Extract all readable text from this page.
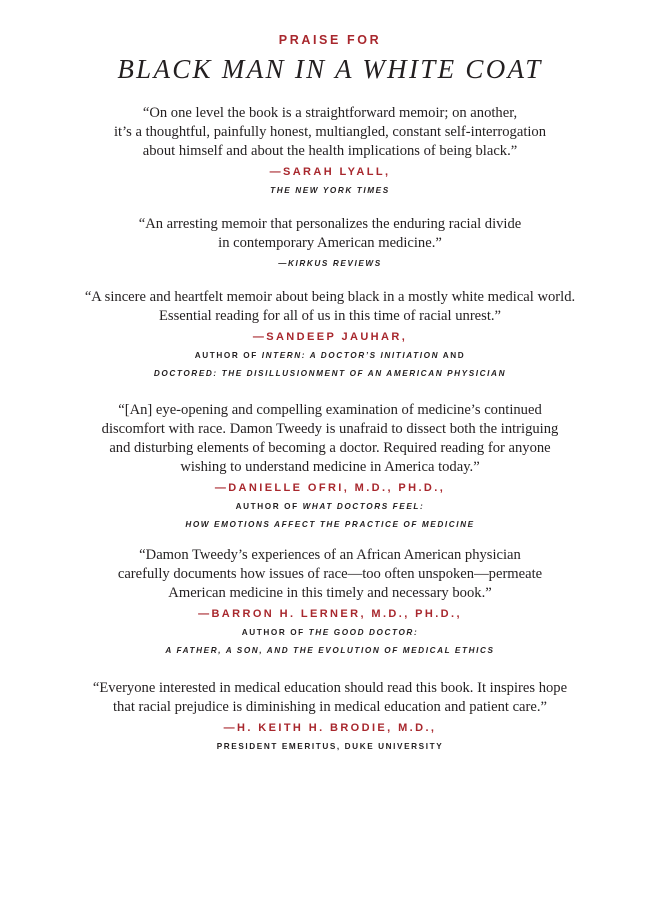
PRAISE FOR
BLACK MAN IN A WHITE COAT

“On one level the book is a straightforward memoir; on another,
it’s a thoughtful, painfully honest, multiangled, constant self-interrogation
about himself and about the health implications of being black.”

—SARAH LYALL,
THE NEW YORK TIMES

“An arresting memoir that personalizes the enduring racial divide
in contemporary American medicine.”

—KIRKUS REVIEWS

“A sincere and heartfelt memoir about being black in a mostly white medical world.
Essential reading for all of us in this time of racial unrest.”

—SANDEEP JAUHAR,
AUTHOR OF INTERN: A DOCTOR’S INITIATION AND
DOCTORED: THE DISILLUSIONMENT OF AN AMERICAN PHYSICIAN

“[An] eye-opening and compelling examination of medicine’s continued
discomfort with race. Damon Tweedy is unafraid to dissect both the intriguing
and disturbing elements of becoming a doctor. Required reading for anyone
wishing to understand medicine in America today.”

—DANIELLE OFRI, M.D., PH.D.,
AUTHOR OF WHAT DOCTORS FEEL:
HOW EMOTIONS AFFECT THE PRACTICE OF MEDICINE

“Damon Tweedy’s experiences of an African American physician
carefully documents how issues of race—too often unspoken—permeate
American medicine in this timely and necessary book.”

—BARRON H. LERNER, M.D., PH.D.,
AUTHOR OF THE GOOD DOCTOR:
A FATHER, A SON, AND THE EVOLUTION OF MEDICAL ETHICS

“Everyone interested in medical education should read this book. It inspires hope
that racial prejudice is diminishing in medical education and patient care.”

—H. KEITH H. BRODIE, M.D.,
PRESIDENT EMERITUS, DUKE UNIVERSITY
